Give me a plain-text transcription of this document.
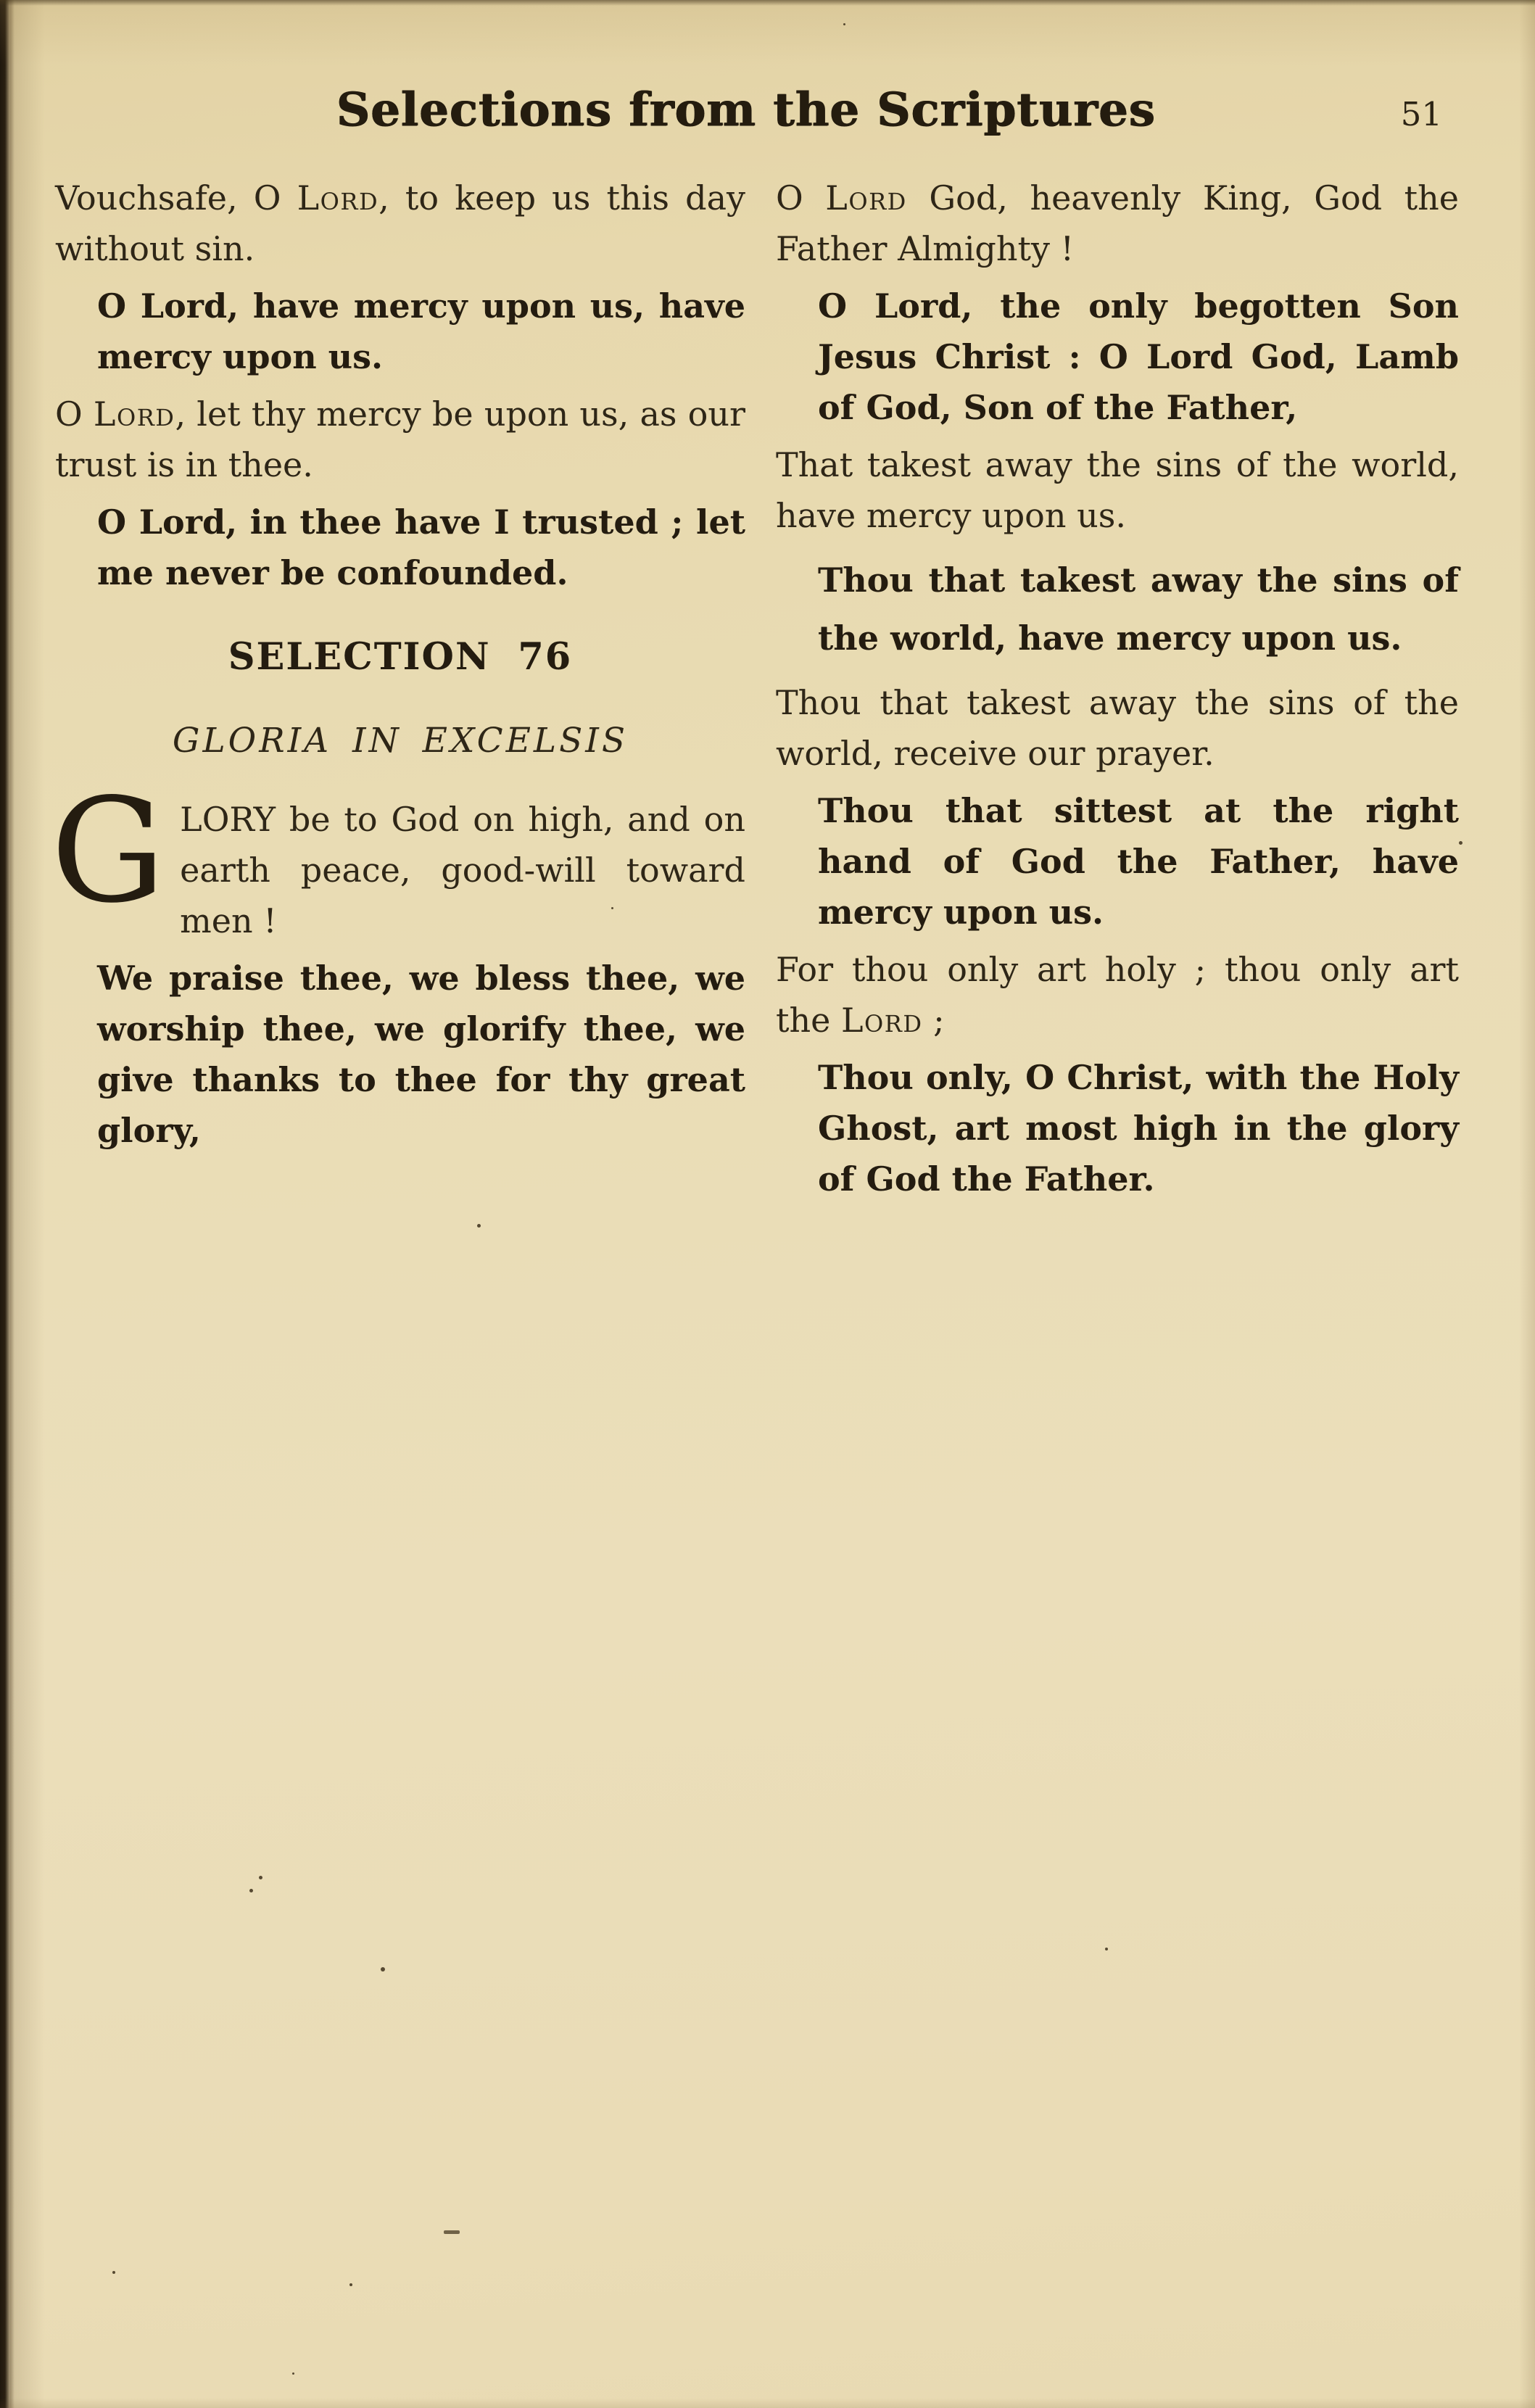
Selections from the Scriptures	51

Vouchsafe, O Lord, to keep us this day without sin.

O Lord, have mercy upon us, have mercy upon us.

O Lord, let thy mercy be upon us, as our trust is in thee.

O Lord, in thee have I trusted ; let me never be confounded.

SELECTION 76
GLORIA IN EXCELSIS

GLORY be to God on high, and on earth peace, good-will toward men !

We praise thee, we bless thee, we worship thee, we glorify thee, we give thanks to thee for thy great glory,

O Lord God, heavenly King, God the Father Almighty !

O Lord, the only begotten Son Jesus Christ : O Lord God, Lamb of God, Son of the Father,

That takest away the sins of the world, have mercy upon us.

Thou that takest away the sins of the world, have mercy upon us.

Thou that takest away the sins of the world, receive our prayer.

Thou that sittest at the right hand of God the Father, have mercy upon us.

For thou only art holy ; thou only art the Lord ;

Thou only, O Christ, with the Holy Ghost, art most high in the glory of God the Father.
